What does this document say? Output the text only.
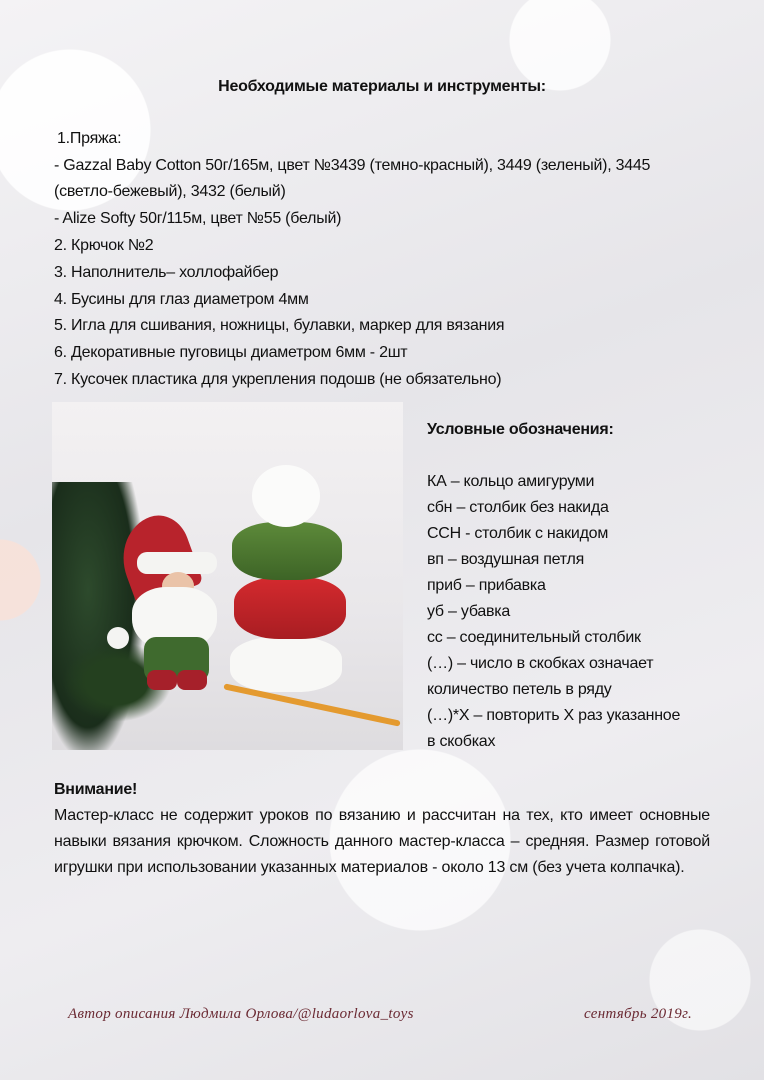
Необходимые материалы и инструменты:
1.Пряжа:
- Gazzal Baby Cotton 50г/165м, цвет №3439 (темно-красный), 3449 (зеленый), 3445
(светло-бежевый), 3432 (белый)
- Alize Softy 50г/115м, цвет №55 (белый)
2. Крючок №2
3. Наполнитель– холлофайбер
4. Бусины для глаз диаметром 4мм
5. Игла для сшивания, ножницы, булавки, маркер для вязания
6. Декоративные пуговицы диаметром 6мм - 2шт
7. Кусочек пластика для укрепления подошв (не обязательно)
Условные обозначения:
КА – кольцо амигуруми
сбн – столбик без накида
ССН - столбик с накидом
вп – воздушная петля
приб – прибавка
уб – убавка
сс – соединительный столбик
(…) – число в скобках означает
количество петель в ряду
(…)*Х – повторить Х раз указанное
в скобках
Внимание!
Мастер-класс не содержит уроков по вязанию и рассчитан на тех, кто имеет основные навыки вязания крючком. Сложность данного мастер-класса – средняя. Размер готовой игрушки при использовании указанных материалов - около 13 см (без учета колпачка).
Автор описания Людмила Орлова/@ludaorlova_toys	сентябрь 2019г.
